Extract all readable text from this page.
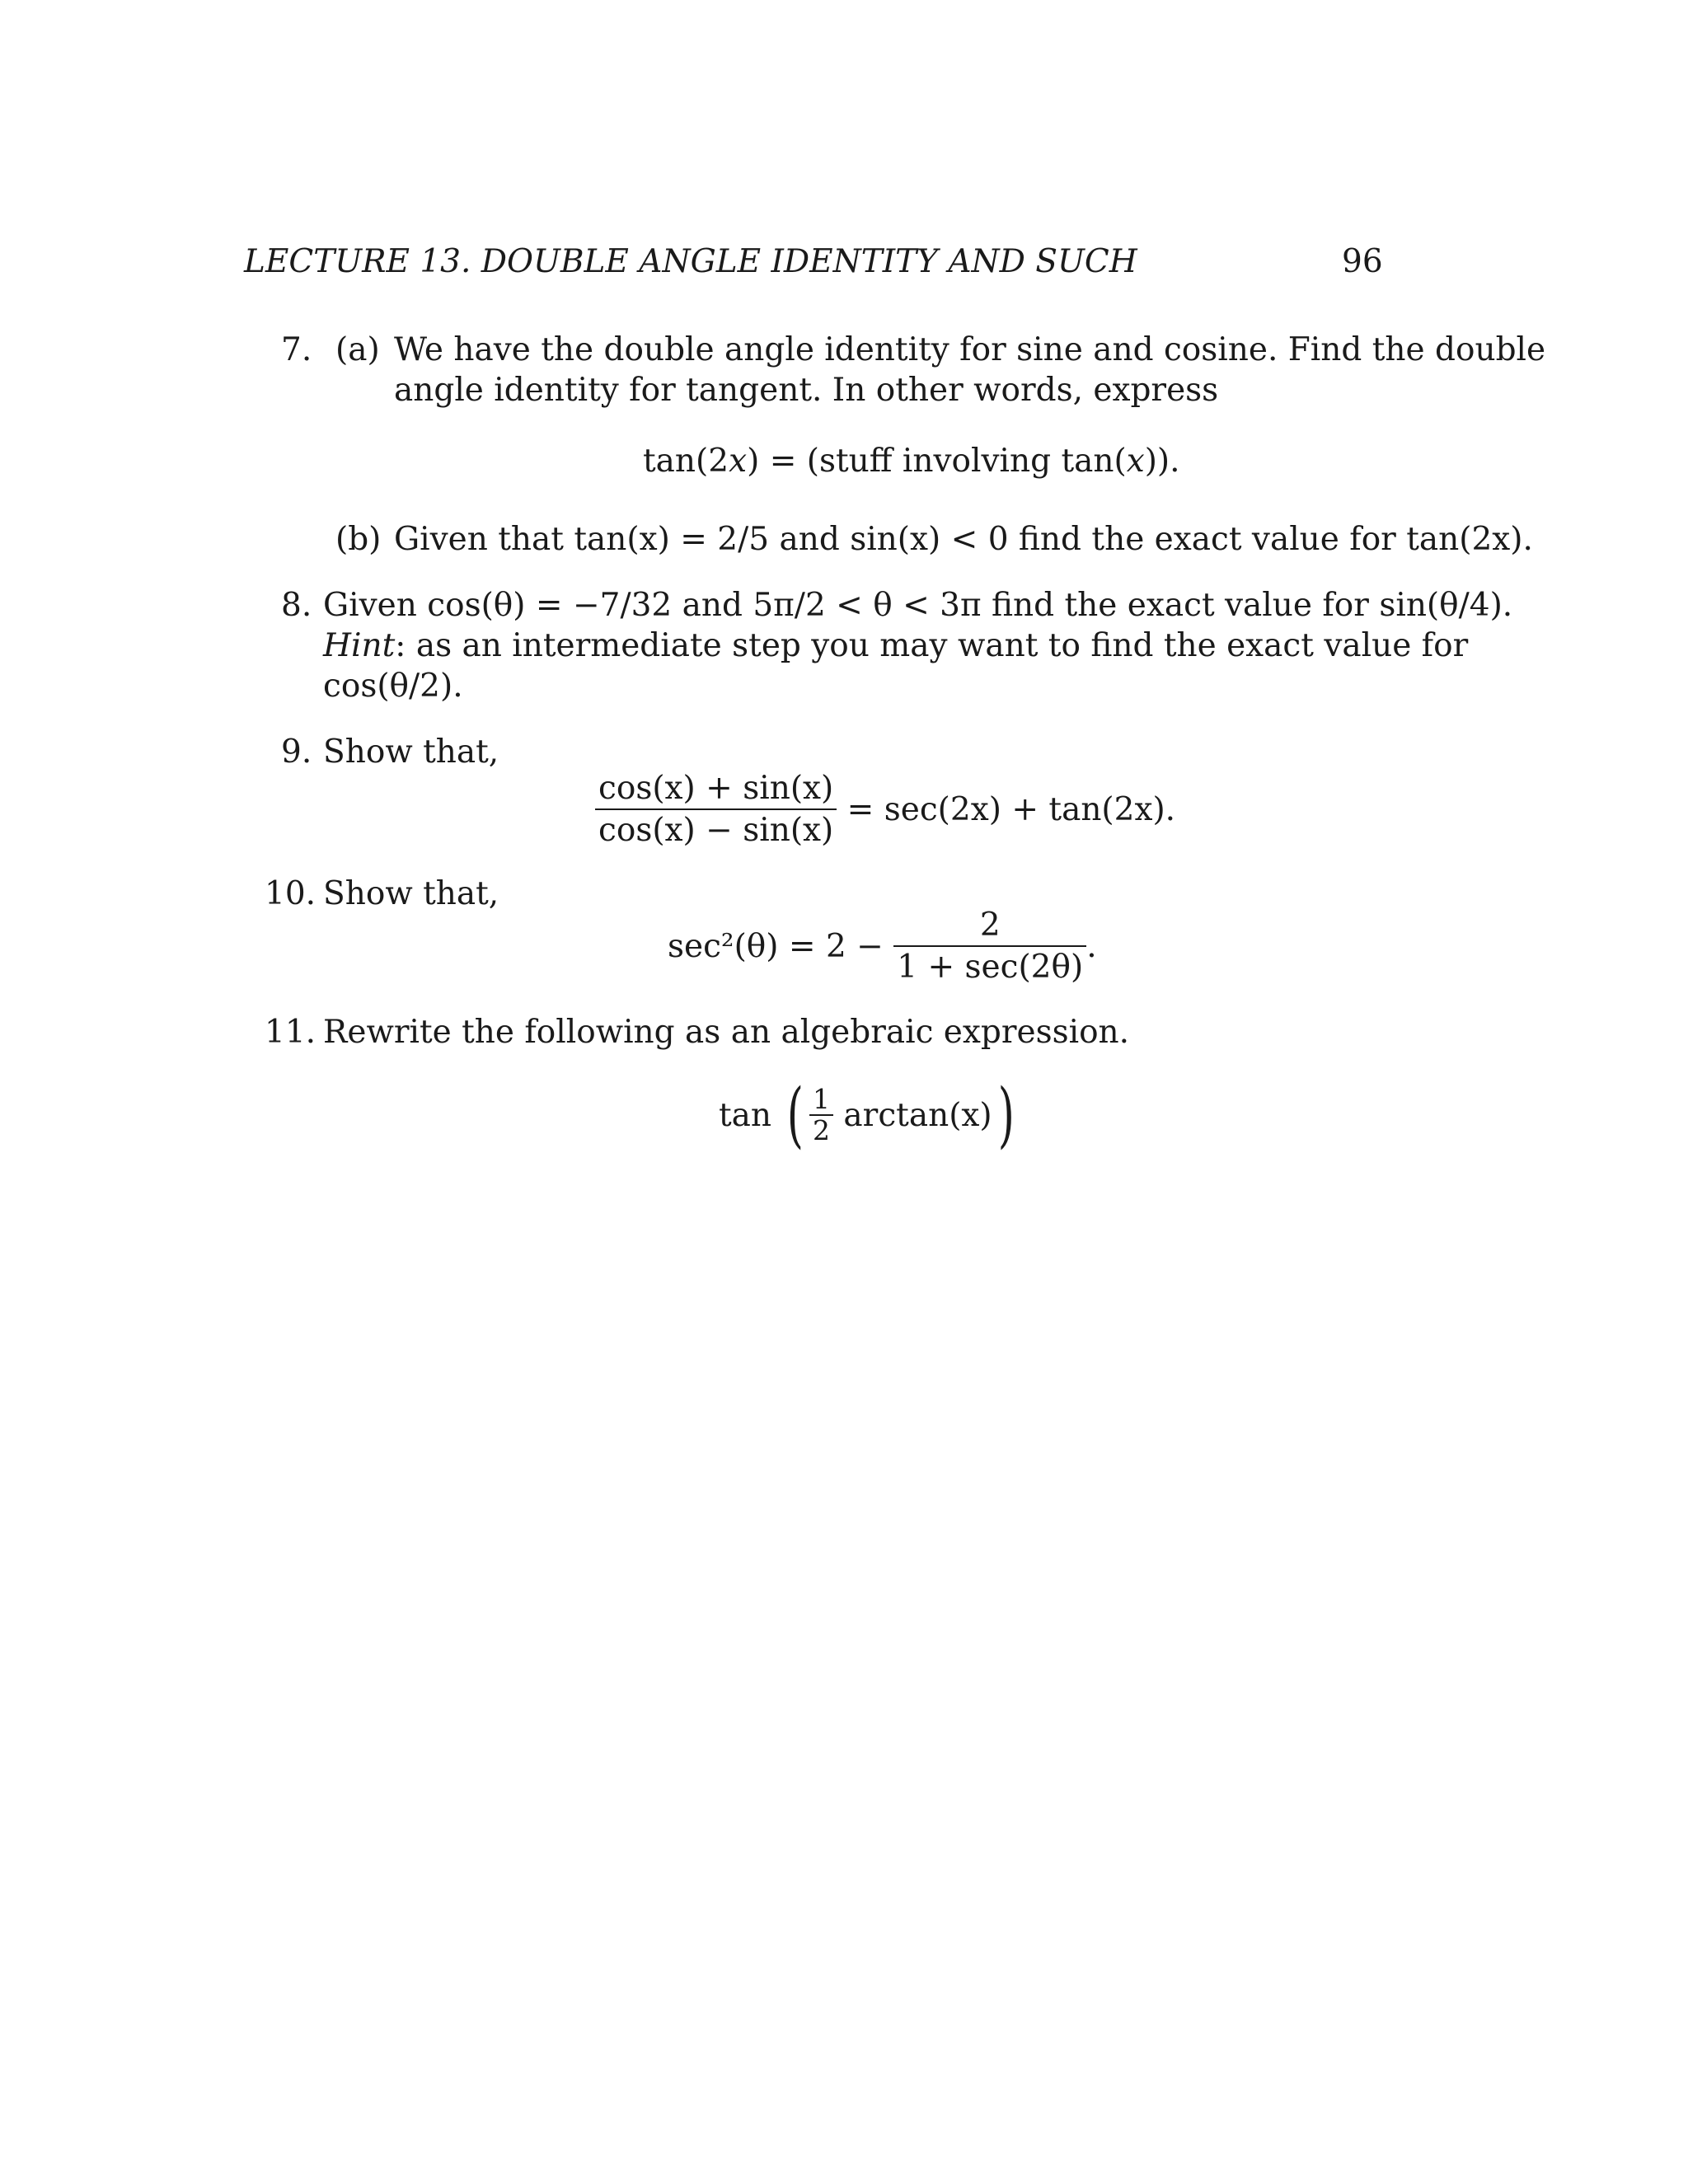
LECTURE 13. DOUBLE ANGLE IDENTITY AND SUCH	96
7. (a) We have the double angle identity for sine and cosine. Find the double
angle identity for tangent. In other words, express
tan(2x) = (stuff involving tan(x)).
(b) Given that tan(x) = 2/5 and sin(x) < 0 find the exact value for tan(2x).
8. Given cos(θ) = −7/32 and 5π/2 < θ < 3π find the exact value for sin(θ/4).
Hint: as an intermediate step you may want to find the exact value for
cos(θ/2).
9. Show that,
$\frac{\cos(x) + \sin(x)}{\cos(x) - \sin(x)} = \sec(2x) + \tan(2x)$.
10. Show that,
$\sec^2(\theta) = 2 - \frac{2}{1 + \sec(2\theta)}$ .
11. Rewrite the following as an algebraic expression.
tan ( $\frac{1}{2} \arctan(x)$)
